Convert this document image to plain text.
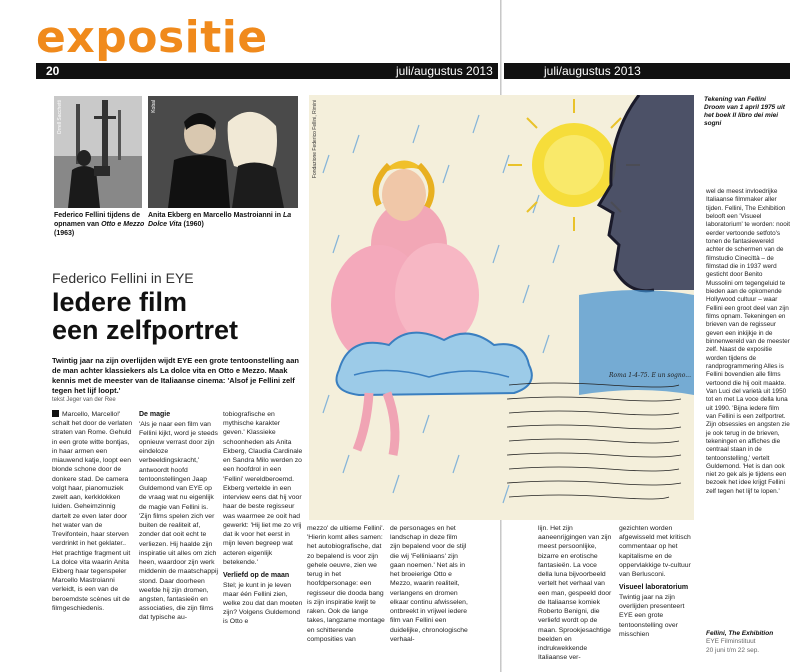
expositie
20	juli/augustus 2013	juli/augustus 2013
Orrell Sacchetti	Kobal
Federico Fellini tijdens de opnamen van Otto e Mezzo (1963)
Anita Ekberg en Marcello Mastroianni in La Dolce Vita (1960)
Federico Fellini in EYE
Iedere film
een zelfportret
Twintig jaar na zijn overlijden wijdt EYE een grote tentoonstelling aan de man achter klassiekers als La dolce vita en Otto e Mezzo. Maak kennis met de meester van de Italiaanse cinema: 'Alsof je Fellini zelf tegen het lijf loopt.'
tekst Jeger van der Ree
Marcello, Marcello!' schalt het door de verlaten straten van Rome. Gehuld in een grote witte bontjas, in haar armen een miauwend katje, loopt een blonde schone door de donkere stad. De camera volgt haar, pianomuziek zwelt aan, kerkklokken luiden. Geheimzinnig dartelt ze even later door het water van de Trevifontein, haar sterven verdrinkt in het geklater.. Het prachtige fragment uit La dolce vita waarin Anita Ekberg haar tegenspeler Marcello Mastroianni verleidt, is een van de beroemdste scènes uit de filmgeschiedenis.
De magie
'Als je naar een film van Fellini kijkt, word je steeds opnieuw verrast door zijn eindeloze verbeeldingskracht,' antwoordt hoofd tentoonstellingen Jaap Guldemond van EYE op de vraag wat nu eigenlijk de magie van Fellini is. 'Zijn films spelen zich ver buiten de realiteit af, zonder dat ooit echt te verliezen. Hij haalde zijn inspiratie uit alles om zich heen, waardoor zijn werk middenin de maatschappij stond. Daar doorheen weefde hij zijn dromen, angsten, fantasieën en associaties, die zijn films dat typische au-
tobiografische en mythische karakter geven.' Klassieke schoonheden als Anita Ekberg, Claudia Cardinale en Sandra Milo werden zo een hoofdrol in een 'Fellini' wereldberoemd. Ekberg vertelde in een interview eens dat hij voor haar de beste regisseur was waarmee ze ooit had gewerkt: 'Hij liet me zo vrij dat ik voor het eerst in mijn leven begreep wat acteren eigenlijk betekende.'
Verliefd op de maan
Stel; je kunt in je leven maar één Fellini zien, welke zou dat dan moeten zijn? Volgens Guldemond is Otto e
mezzo' de ultieme Fellini'. 'Hierin komt alles samen: het autobiografische, dat zo bepalend is voor zijn gehele oeuvre, zien we terug in het hoofdpersonage: een regisseur die dooda bang is zijn inspiratie kwijt te raken. Ook de lange takes, langzame montage en schitterende composities van
de personages en het landschap in deze film zijn bepalend voor de stijl die wij 'Felliniaans' zijn gaan noemen.' Net als in het broeierige Otto e Mezzo, waarin realiteit, verlangens en dromen elkaar continu afwisselen, ontbreekt in vrijwel iedere film van Fellini een duidelijke, chronologische verhaal-
lijn. Het zijn aaneenrijgingen van zijn meest persoonlijke, bizarre en erotische fantasieën. La voce della luna bijvoorbeeld vertelt het verhaal van een man, gespeeld door de Italiaanse komiek Roberto Benigni, die verliefd wordt op de maan. Sprookjesachtige beelden en indrukwekkende Italiaanse ver-
gezichten worden afgewisseld met kritisch commentaar op het kapitalisme en de oppervlakkige tv-cultuur van Berlusconi.
Visueel laboratorium
Twintig jaar na zijn overlijden presenteert EYE een grote tentoonstelling over misschien
wel de meest invloedrijke Italiaanse filmmaker aller tijden. Fellini, The Exhibition belooft een 'Visueel laboratorium' te worden: nooit eerder vertoonde setfoto's tonen de fantasiewereld achter de schermen van de filmstudio Cinecittà – de filmstad die in 1937 werd gesticht door Benito Mussolini om tegengeluid te bieden aan de opkomende Hollywood cultuur – waar Fellini een groot deel van zijn films opnam. Tekeningen en brieven van de regisseur geven een inkijkje in de binnenwereld van de meester zelf. Naast de expositie worden tijdens de randprogrammering Alles is Fellini bovendien alle films vertoond die hij ooit maakte. Van Luci del varietà uit 1950 tot en met La voce della luna uit 1990. 'Bijna iedere film van Fellini is een zelfportret. Zijn obsessies en angsten zie je ook terug in de brieven, tekeningen en affiches die centraal staan in de tentoonstelling,' vertelt Guldemond. 'Het is dan ook niet zo gek als je tijdens een bezoek het idee krijgt Fellini zelf tegen het lijf te lopen.'
Roma 1-4-75. E un sogno...
Fondazione Federico Fellini, Rimini
Tekening van Fellini Droom van 1 april 1975 uit het boek Il libro dei miei sogni
Fellini, The Exhibition
EYE Filminstituut
20 juni t/m 22 sep.
